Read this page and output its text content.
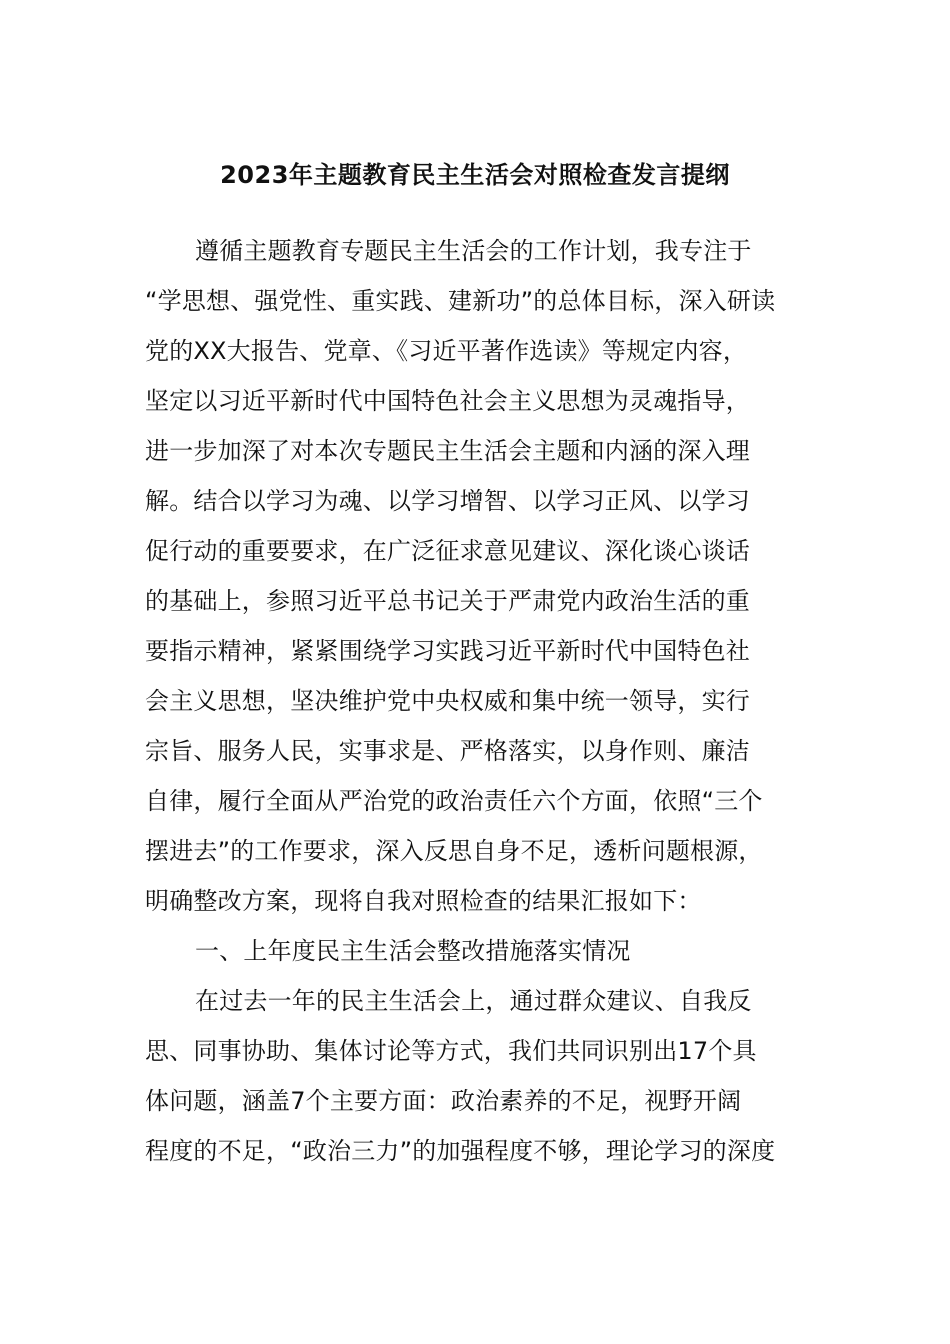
2023年主题教育民主生活会对照检查发言提纲
遵循主题教育专题民主生活会的工作计划，我专注于
“学思想、强党性、重实践、建新功”的总体目标，深入研读
党的XX大报告、党章、《习近平著作选读》等规定内容，
坚定以习近平新时代中国特色社会主义思想为灵魂指导，
进一步加深了对本次专题民主生活会主题和内涵的深入理
解。结合以学习为魂、以学习增智、以学习正风、以学习
促行动的重要要求，在广泛征求意见建议、深化谈心谈话
的基础上，参照习近平总书记关于严肃党内政治生活的重
要指示精神，紧紧围绕学习实践习近平新时代中国特色社
会主义思想，坚决维护党中央权威和集中统一领导，实行
宗旨、服务人民，实事求是、严格落实，以身作则、廉洁
自律，履行全面从严治党的政治责任六个方面，依照“三个
摆进去”的工作要求，深入反思自身不足，透析问题根源，
明确整改方案，现将自我对照检查的结果汇报如下：
一、上年度民主生活会整改措施落实情况
在过去一年的民主生活会上，通过群众建议、自我反
思、同事协助、集体讨论等方式，我们共同识别出17个具
体问题，涵盖7个主要方面：政治素养的不足，视野开阔
程度的不足，“政治三力”的加强程度不够，理论学习的深度
